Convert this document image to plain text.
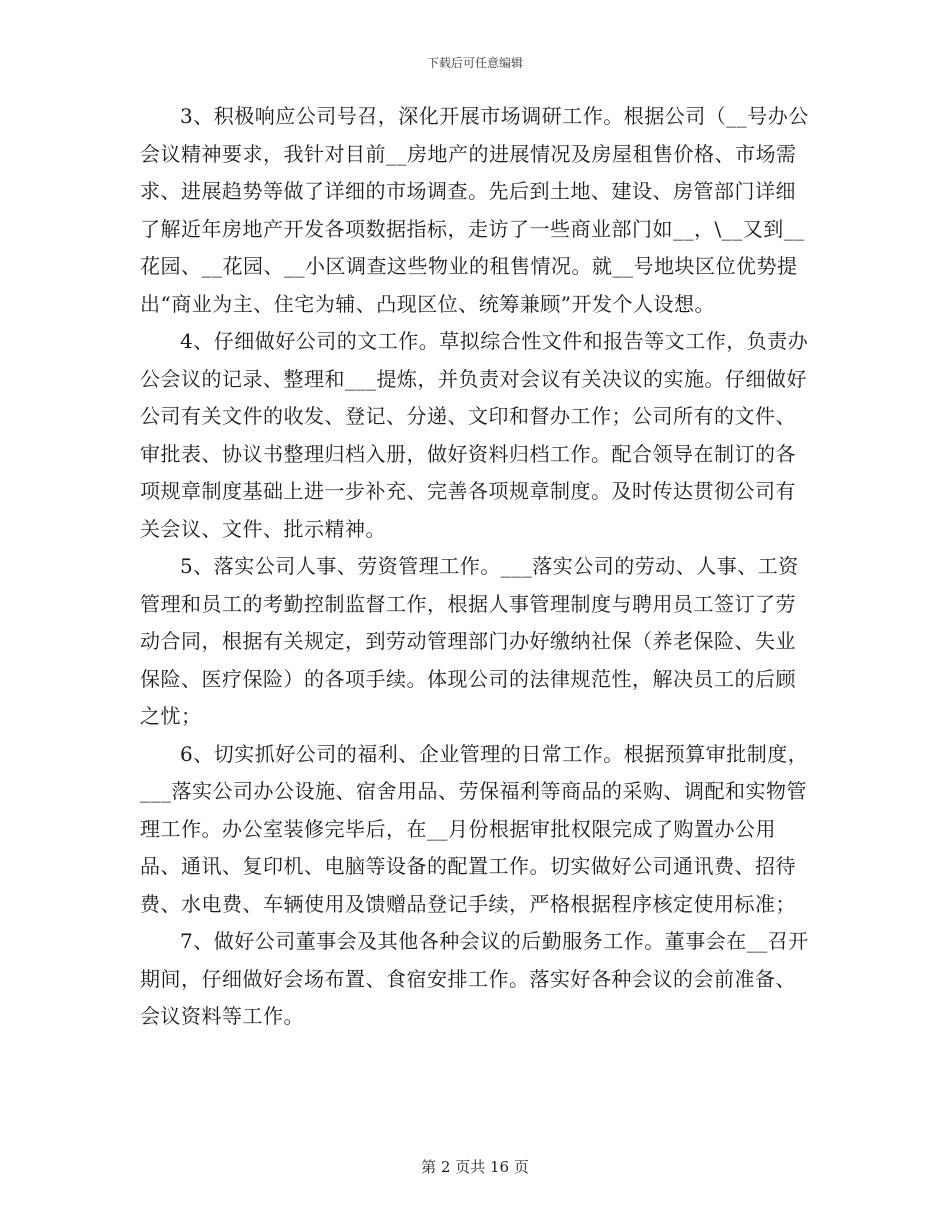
下载后可任意编辑

3、积极响应公司号召，深化开展市场调研工作。根据公司（__号办公会议精神要求，我针对目前__房地产的进展情况及房屋租售价格、市场需求、进展趋势等做了详细的市场调查。先后到土地、建设、房管部门详细了解近年房地产开发各项数据指标，走访了一些商业部门如__，\__又到__花园、__花园、__小区调查这些物业的租售情况。就__号地块区位优势提出“商业为主、住宅为辅、凸现区位、统筹兼顾”开发个人设想。

4、仔细做好公司的文工作。草拟综合性文件和报告等文工作，负责办公会议的记录、整理和___提炼，并负责对会议有关决议的实施。仔细做好公司有关文件的收发、登记、分递、文印和督办工作；公司所有的文件、审批表、协议书整理归档入册，做好资料归档工作。配合领导在制订的各项规章制度基础上进一步补充、完善各项规章制度。及时传达贯彻公司有关会议、文件、批示精神。

5、落实公司人事、劳资管理工作。___落实公司的劳动、人事、工资管理和员工的考勤控制监督工作，根据人事管理制度与聘用员工签订了劳动合同，根据有关规定，到劳动管理部门办好缴纳社保（养老保险、失业保险、医疗保险）的各项手续。体现公司的法律规范性，解决员工的后顾之忧；

6、切实抓好公司的福利、企业管理的日常工作。根据预算审批制度，___落实公司办公设施、宿舍用品、劳保福利等商品的采购、调配和实物管理工作。办公室装修完毕后，在__月份根据审批权限完成了购置办公用品、通讯、复印机、电脑等设备的配置工作。切实做好公司通讯费、招待费、水电费、车辆使用及馈赠品登记手续，严格根据程序核定使用标准；

7、做好公司董事会及其他各种会议的后勤服务工作。董事会在__召开期间，仔细做好会场布置、食宿安排工作。落实好各种会议的会前准备、会议资料等工作。

第 2 页共 16 页
